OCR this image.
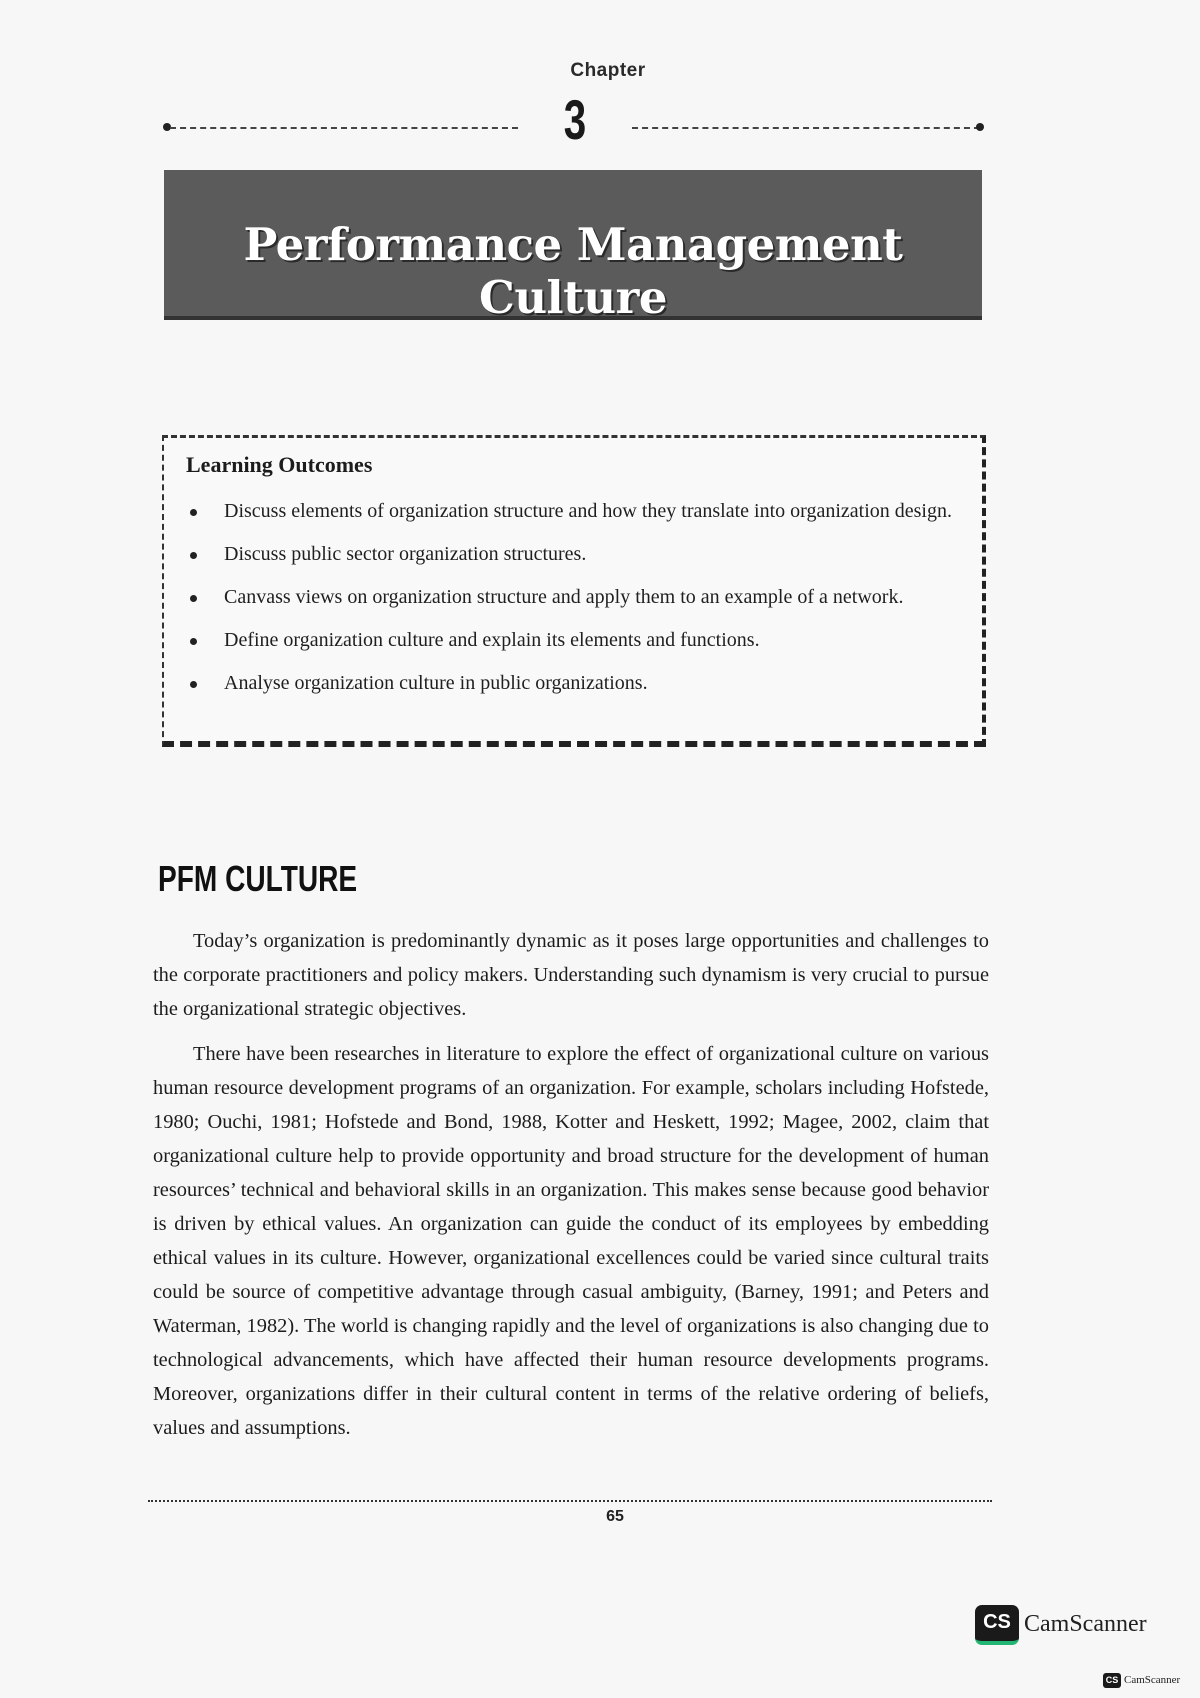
Chapter
3
Performance Management Culture
Learning Outcomes
Discuss elements of organization structure and how they translate into organization design.
Discuss public sector organization structures.
Canvass views on organization structure and apply them to an example of a network.
Define organization culture and explain its elements and functions.
Analyse organization culture in public organizations.
PFM CULTURE

Today’s organization is predominantly dynamic as it poses large opportunities and challenges to the corporate practitioners and policy makers. Understanding such dynamism is very crucial to pursue the organizational strategic objectives.

There have been researches in literature to explore the effect of organizational culture on various human resource development programs of an organization. For example, scholars including Hofstede, 1980; Ouchi, 1981; Hofstede and Bond, 1988, Kotter and Heskett, 1992; Magee, 2002, claim that organizational culture help to provide opportunity and broad structure for the development of human resources’ technical and behavioral skills in an organization. This makes sense because good behavior is driven by ethical values. An organization can guide the conduct of its employees by embedding ethical values in its culture. However, organizational excellences could be varied since cultural traits could be source of competitive advantage through casual ambiguity, (Barney, 1991; and Peters and Waterman, 1982). The world is changing rapidly and the level of organizations is also changing due to technological advancements, which have affected their human resource developments programs. Moreover, organizations differ in their cultural content in terms of the relative ordering of beliefs, values and assumptions.

65
CS CamScanner
CS CamScanner
